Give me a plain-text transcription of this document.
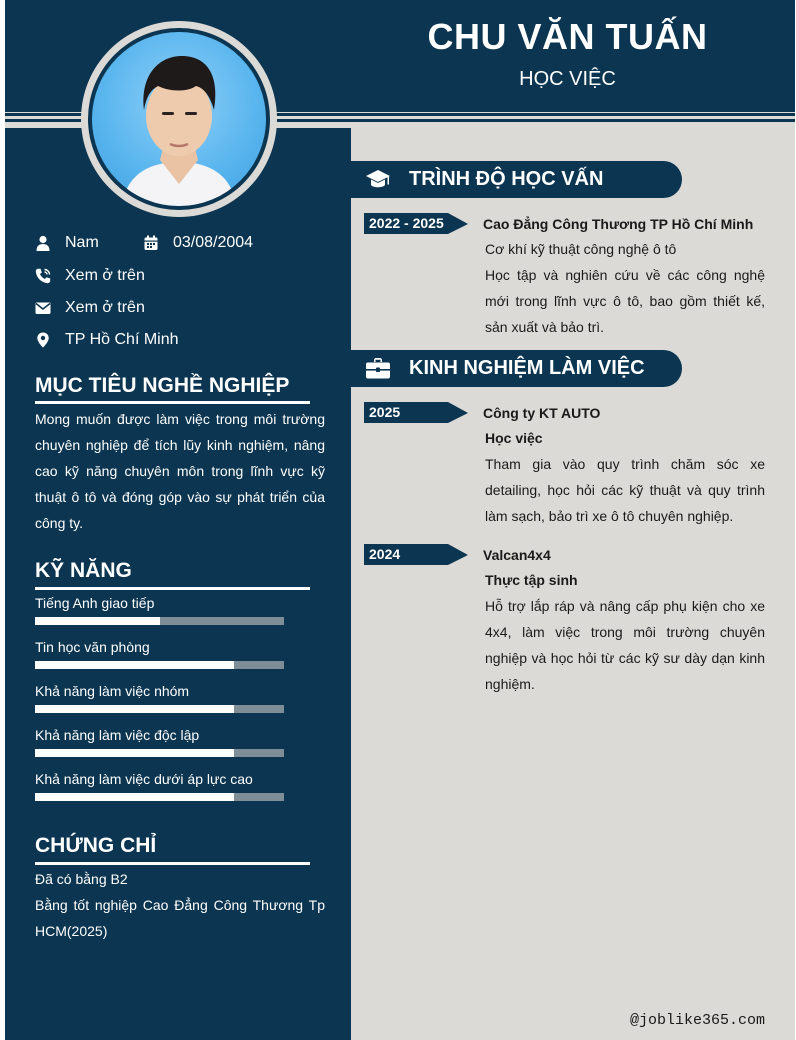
CHU VĂN TUẤN
HỌC VIỆC
Nam	03/08/2004
Xem ở trên
Xem ở trên
TP Hồ Chí Minh
MỤC TIÊU NGHỀ NGHIỆP
Mong muốn được làm việc trong môi trường chuyên nghiệp để tích lũy kinh nghiệm, nâng cao kỹ năng chuyên môn trong lĩnh vực kỹ thuật ô tô và đóng góp vào sự phát triển của công ty.
KỸ NĂNG
Tiếng Anh giao tiếp
Tin học văn phòng
Khả năng làm việc nhóm
Khả năng làm việc độc lập
Khả năng làm việc dưới áp lực cao
CHỨNG CHỈ
Đã có bằng B2
Bằng tốt nghiệp Cao Đẳng Công Thương Tp HCM(2025)
TRÌNH ĐỘ HỌC VẤN
2022 - 2025	Cao Đẳng Công Thương TP Hồ Chí Minh
Cơ khí kỹ thuật công nghệ ô tô
Học tập và nghiên cứu về các công nghệ mới trong lĩnh vực ô tô, bao gồm thiết kế, sản xuất và bảo trì.
KINH NGHIỆM LÀM VIỆC
2025	Công ty KT AUTO
Học việc
Tham gia vào quy trình chăm sóc xe detailing, học hỏi các kỹ thuật và quy trình làm sạch, bảo trì xe ô tô chuyên nghiệp.
2024	Valcan4x4
Thực tập sinh
Hỗ trợ lắp ráp và nâng cấp phụ kiện cho xe 4x4, làm việc trong môi trường chuyên nghiệp và học hỏi từ các kỹ sư dày dạn kinh nghiệm.
@joblike365.com
